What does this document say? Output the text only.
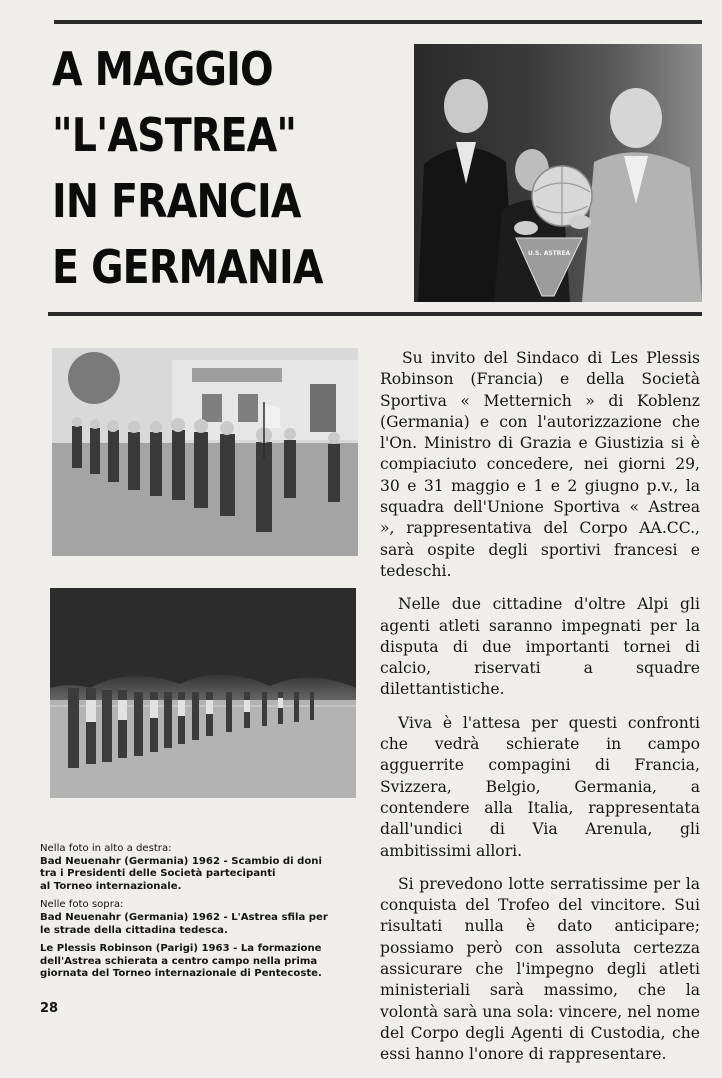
A MAGGIO
"L'ASTREA"
IN FRANCIA
E GERMANIA	U.S. ASTREA

Su invito del Sindaco di Les Plessis Robinson (Francia) e della Società Sportiva « Metternich » di Koblenz (Germania) e con l'autorizzazione che l'On. Ministro di Grazia e Giustizia si è compiaciuto concedere, nei giorni 29, 30 e 31 maggio e 1 e 2 giugno p.v., la squadra dell'Unione Sportiva « Astrea », rappresentativa del Corpo AA.CC., sarà ospite degli sportivi francesi e tedeschi.

Nelle due cittadine d'oltre Alpi gli agenti atleti saranno impegnati per la disputa di due importanti tornei di calcio, riservati a squadre dilettantistiche.

Viva è l'attesa per questi confronti che vedrà schierate in campo agguerrite compagini di Francia, Svizzera, Belgio, Germania, a contendere alla Italia, rappresentata dall'undici di Via Arenula, gli ambitissimi allori.

Si prevedono lotte serratissime per la conquista del Trofeo del vincitore. Sui risultati nulla è dato anticipare; possiamo però con assoluta certezza assicurare che l'impegno degli atleti ministeriali sarà massimo, che la volontà sarà una sola: vincere, nel nome del Corpo degli Agenti di Custodia, che essi hanno l'onore di rappresentare.

Nella foto in alto a destra:
Bad Neuenahr (Germania) 1962 - Scambio di doni
tra i Presidenti delle Società partecipanti
al Torneo internazionale.
Nelle foto sopra:
Bad Neuenahr (Germania) 1962 - L'Astrea sfila per
le strade della cittadina tedesca.
Le Plessis Robinson (Parigi) 1963 - La formazione
dell'Astrea schierata a centro campo nella prima
giornata del Torneo internazionale di Pentecoste.
28
